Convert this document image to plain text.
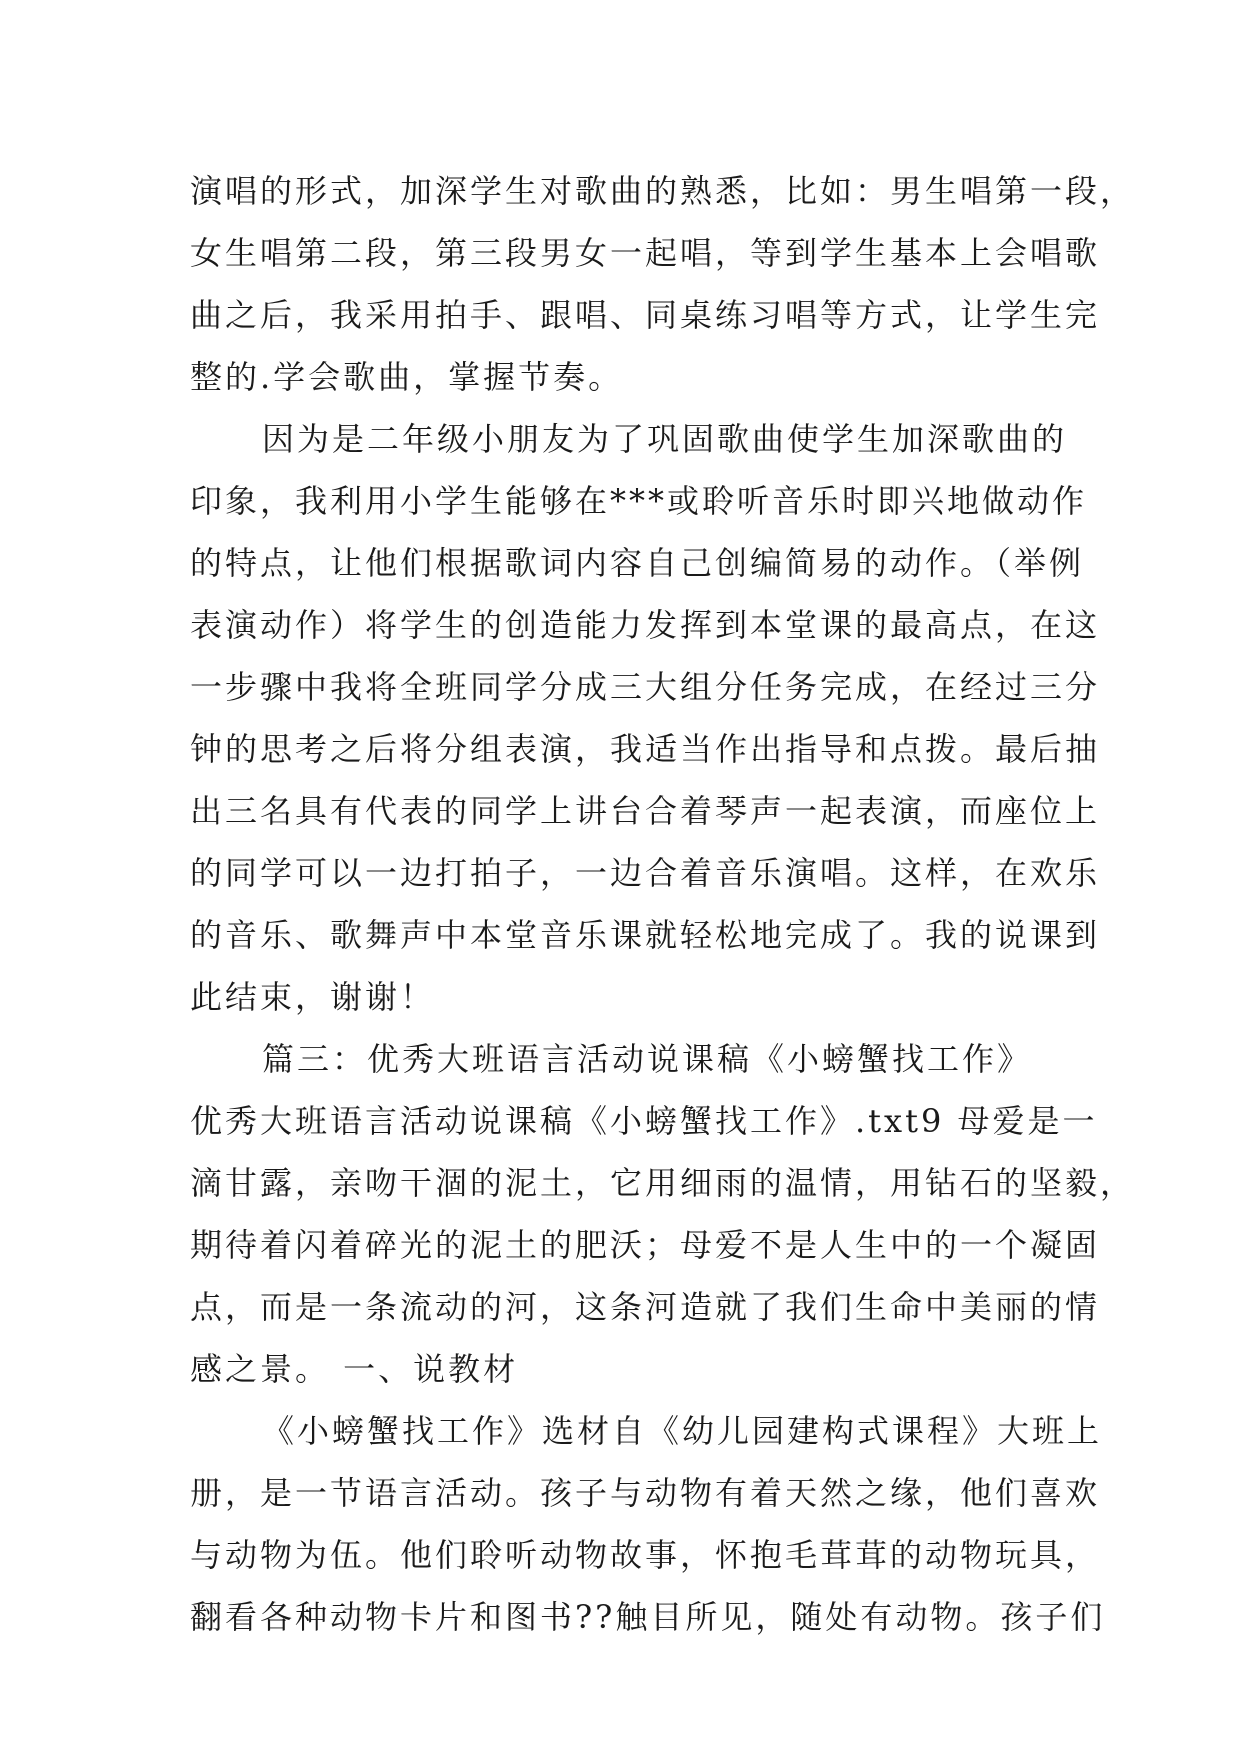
演唱的形式，加深学生对歌曲的熟悉，比如：男生唱第一段，
女生唱第二段，第三段男女一起唱，等到学生基本上会唱歌
曲之后，我采用拍手、跟唱、同桌练习唱等方式，让学生完
整的.学会歌曲，掌握节奏。
因为是二年级小朋友为了巩固歌曲使学生加深歌曲的
印象，我利用小学生能够在***或聆听音乐时即兴地做动作
的特点，让他们根据歌词内容自己创编简易的动作。（举例
表演动作）将学生的创造能力发挥到本堂课的最高点，在这
一步骤中我将全班同学分成三大组分任务完成，在经过三分
钟的思考之后将分组表演，我适当作出指导和点拨。最后抽
出三名具有代表的同学上讲台合着琴声一起表演，而座位上
的同学可以一边打拍子，一边合着音乐演唱。这样，在欢乐
的音乐、歌舞声中本堂音乐课就轻松地完成了。我的说课到
此结束，谢谢！
篇三：优秀大班语言活动说课稿《小螃蟹找工作》
优秀大班语言活动说课稿《小螃蟹找工作》.txt9 母爱是一
滴甘露，亲吻干涸的泥土，它用细雨的温情，用钻石的坚毅，
期待着闪着碎光的泥土的肥沃；母爱不是人生中的一个凝固
点，而是一条流动的河，这条河造就了我们生命中美丽的情
感之景。 一、说教材
《小螃蟹找工作》选材自《幼儿园建构式课程》大班上
册，是一节语言活动。孩子与动物有着天然之缘，他们喜欢
与动物为伍。他们聆听动物故事，怀抱毛茸茸的动物玩具，
翻看各种动物卡片和图书??触目所见，随处有动物。孩子们
